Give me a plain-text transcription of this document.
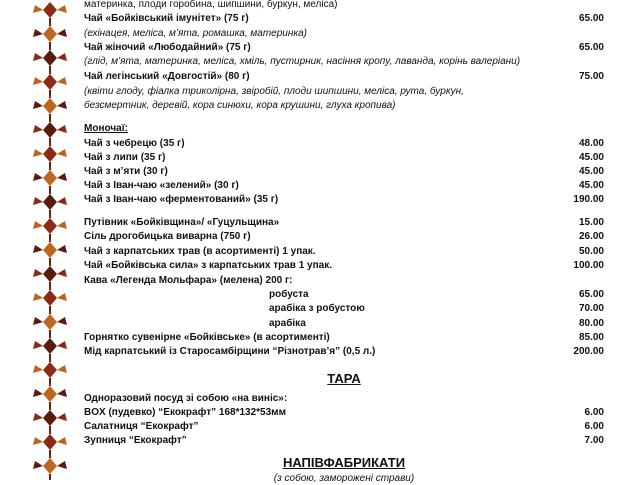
материнка, плоди горобина, шипшини, буркун, меліса)
Чай «Бойківський імунітет» (75 г)	65.00
(ехінацея, меліса, м’ята, ромашка, материнка)
Чай жіночий «Любодайний» (75 г)	65.00
(глід, м’ята, материнка, меліса, хміль, пустирник, насіння кропу, лаванда, корінь валеріани)
Чай легінський «Довгостій» (80 г)	75.00
(квіти глоду, фіалка триколірна, звіробій, плоди шипшини, меліса, рута, буркун,
безсмертник, деревій, кора синюхи, кора крушини, глуха кропива)
Моночаї:
Чай з чебрецю (35 г)	48.00
Чай з липи (35 г)	45.00
Чай з м’яти (30 г)	45.00
Чай з Іван-чаю «зелений» (30 г)	45.00
Чай з Іван-чаю «ферментований» (35 г)	190.00
Путівник «Бойківщина»/ «Гуцульщина»	15.00
Сіль дрогобицька виварна (750 г)	26.00
Чай з карпатських трав (в асортименті) 1 упак.	50.00
Чай «Бойківська сила» з карпатських трав 1 упак.	100.00
Кава «Легенда Мольфара» (мелена) 200 г:
робуста	65.00
арабіка з робустою	70.00
арабіка	80.00
Горнятко сувенірне «Бойківське» (в асортименті)	85.00
Мід карпатський із Старосамбірщини “Різнотрав’я” (0,5 л.)	200.00
ТАРА
Одноразовий посуд зі собою «на виніс»:
BOX (пудевко) “Екокрафт” 168*132*53мм	6.00
Салатниця “Екокрафт”	6.00
Зупниця “Екокрафт”	7.00
НАПІВФАБРИКАТИ
(з собою, заморожені страви)
